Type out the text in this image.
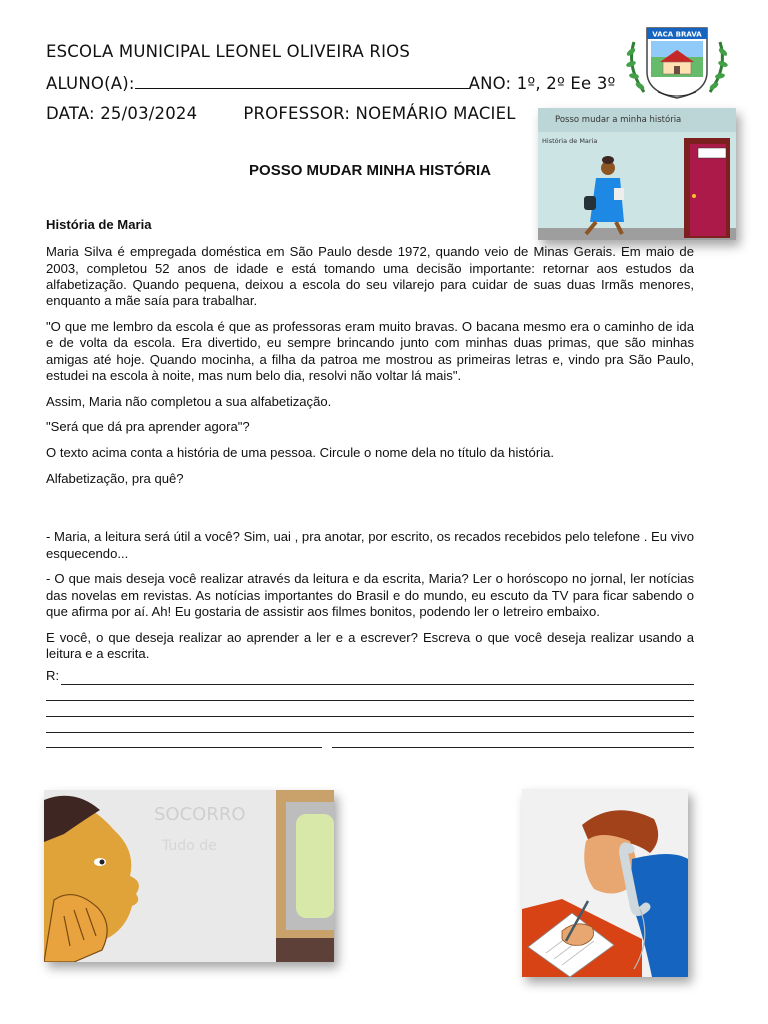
ESCOLA MUNICIPAL LEONEL OLIVEIRA RIOS
ALUNO(A):	ANO: 1º, 2º Ee 3º
DATA: 25/03/2024	PROFESSOR: NOEMÁRIO MACIEL
VACA BRAVA
Posso mudar a minha história
História de Maria
POSSO MUDAR MINHA HISTÓRIA

História de Maria

Maria Silva é empregada doméstica em São Paulo desde 1972, quando veio de Minas Gerais. Em maio de 2003, completou 52 anos de idade e está tomando uma decisão importante: retornar aos estudos da alfabetização. Quando pequena, deixou a escola do seu vilarejo para cuidar de suas duas Irmãs menores, enquanto a mãe saía para trabalhar.

"O que me lembro da escola é que as professoras eram muito bravas. O bacana mesmo era o caminho de ida e de volta da escola. Era divertido, eu sempre brincando junto com minhas duas primas, que são minhas amigas até hoje. Quando mocinha, a filha da patroa me mostrou as primeiras letras e, vindo pra São Paulo, estudei na escola à noite, mas num belo dia, resolvi não voltar lá mais".

Assim, Maria não completou a sua alfabetização.

"Será que dá pra aprender agora"?

O texto acima conta a história de uma pessoa. Circule o nome dela no título da história.

Alfabetização, pra quê?

- Maria, a leitura será útil a você? Sim, uai , pra anotar, por escrito, os recados recebidos pelo telefone . Eu vivo esquecendo...

- O que mais deseja você realizar através da leitura e da escrita, Maria? Ler o horóscopo no jornal, ler notícias das novelas em revistas. As notícias importantes do Brasil e do mundo, eu escuto da TV para ficar sabendo o que afirma por aí. Ah! Eu gostaria de assistir aos filmes bonitos, podendo ler o letreiro embaixo.

E você, o que deseja realizar ao aprender a ler e a escrever? Escreva o que você deseja realizar usando a leitura e a escrita.

R:
SOCORRO
Tudo de
